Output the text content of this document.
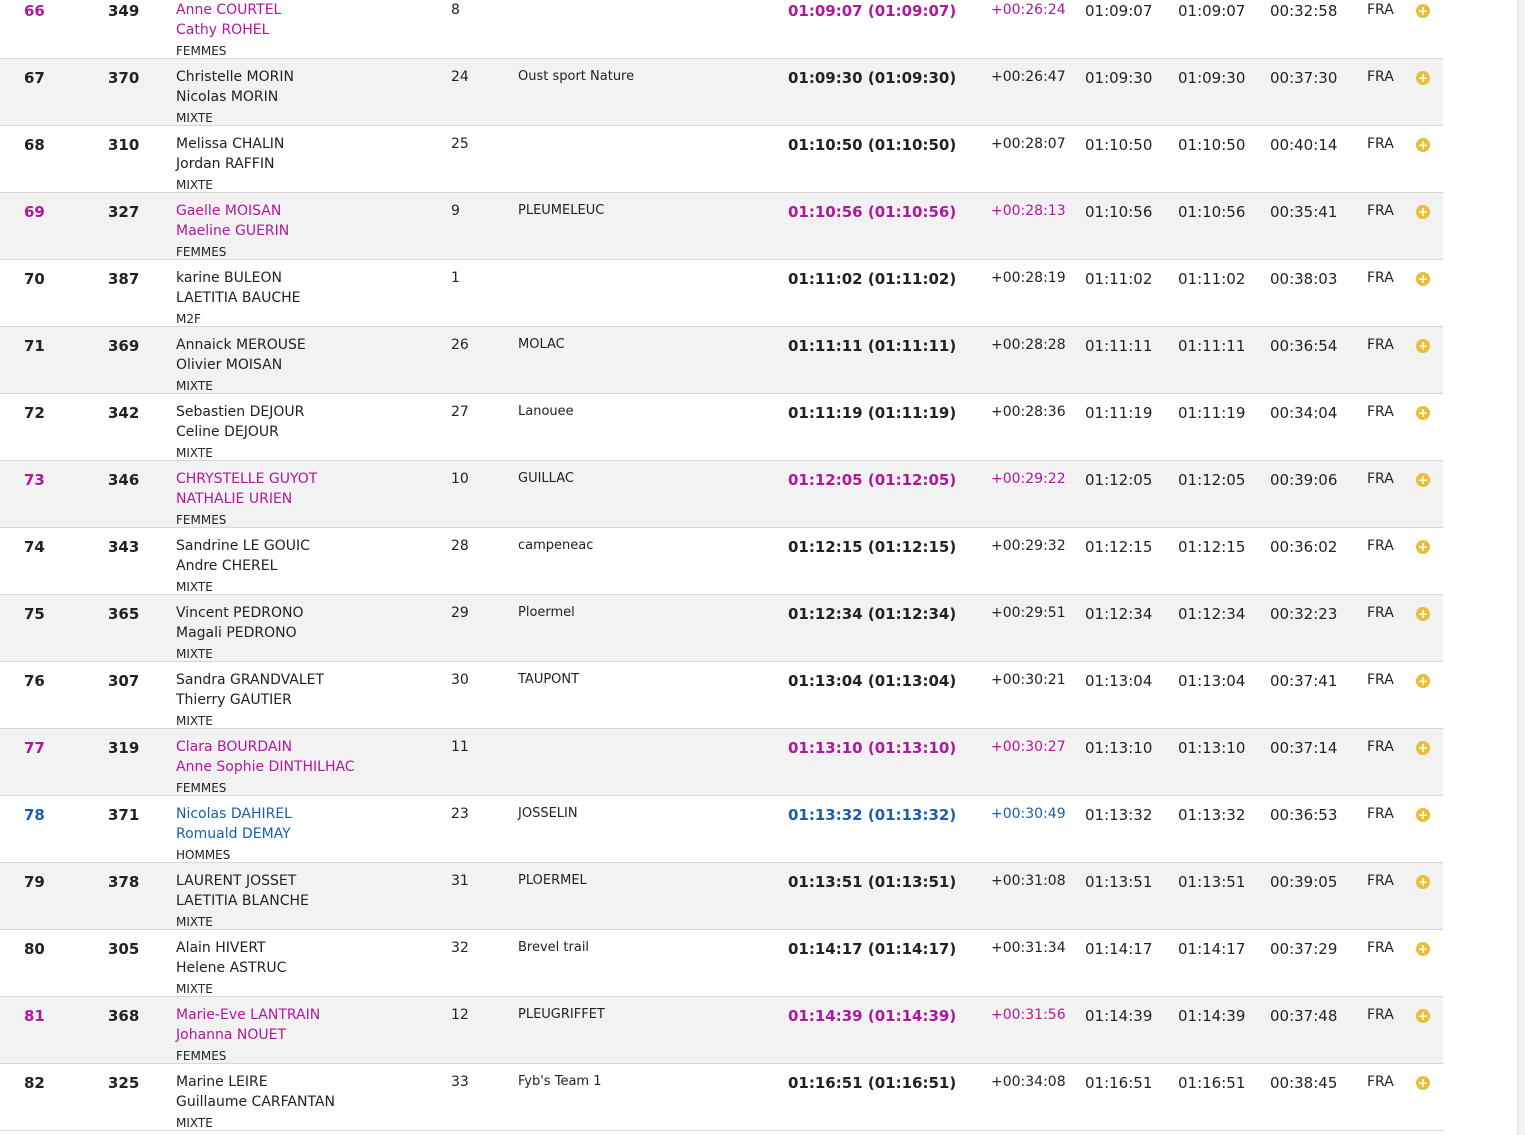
66	349	Anne COURTEL
Cathy ROHEL
FEMMES
8	01:09:07 (01:09:07) +00:26:24 01:09:07 01:09:07 00:32:58 FRA +
67	370	Christelle MORIN
Nicolas MORIN
MIXTE
24	Oust sport Nature	01:09:30 (01:09:30) +00:26:47 01:09:30 01:09:30 00:37:30 FRA +
68	310	Melissa CHALIN
Jordan RAFFIN
MIXTE
25	01:10:50 (01:10:50) +00:28:07 01:10:50 01:10:50 00:40:14 FRA +
69	327	Gaelle MOISAN
Maeline GUERIN
FEMMES
9	PLEUMELEUC	01:10:56 (01:10:56) +00:28:13 01:10:56 01:10:56 00:35:41 FRA +
70	387	karine BULEON
LAETITIA BAUCHE
M2F
1	01:11:02 (01:11:02) +00:28:19 01:11:02 01:11:02 00:38:03 FRA +
71	369	Annaick MEROUSE
Olivier MOISAN
MIXTE
26	MOLAC	01:11:11 (01:11:11) +00:28:28 01:11:11 01:11:11 00:36:54 FRA +
72	342	Sebastien DEJOUR
Celine DEJOUR
MIXTE
27	Lanouee	01:11:19 (01:11:19) +00:28:36 01:11:19 01:11:19 00:34:04 FRA +
73	346	CHRYSTELLE GUYOT
NATHALIE URIEN
FEMMES
10	GUILLAC	01:12:05 (01:12:05) +00:29:22 01:12:05 01:12:05 00:39:06 FRA +
74	343	Sandrine LE GOUIC
Andre CHEREL
MIXTE
28	campeneac	01:12:15 (01:12:15) +00:29:32 01:12:15 01:12:15 00:36:02 FRA +
75	365	Vincent PEDRONO
Magali PEDRONO
MIXTE
29	Ploermel	01:12:34 (01:12:34) +00:29:51 01:12:34 01:12:34 00:32:23 FRA +
76	307	Sandra GRANDVALET
Thierry GAUTIER
MIXTE
30	TAUPONT	01:13:04 (01:13:04) +00:30:21 01:13:04 01:13:04 00:37:41 FRA +
77	319	Clara BOURDAIN
Anne Sophie DINTHILHAC
FEMMES
11	01:13:10 (01:13:10) +00:30:27 01:13:10 01:13:10 00:37:14 FRA +
78	371	Nicolas DAHIREL
Romuald DEMAY
HOMMES
23	JOSSELIN	01:13:32 (01:13:32) +00:30:49 01:13:32 01:13:32 00:36:53 FRA +
79	378	LAURENT JOSSET
LAETITIA BLANCHE
MIXTE
31	PLOERMEL	01:13:51 (01:13:51) +00:31:08 01:13:51 01:13:51 00:39:05 FRA +
80	305	Alain HIVERT
Helene ASTRUC
MIXTE
32	Brevel trail	01:14:17 (01:14:17) +00:31:34 01:14:17 01:14:17 00:37:29 FRA +
81	368	Marie-Eve LANTRAIN
Johanna NOUET
FEMMES
12	PLEUGRIFFET	01:14:39 (01:14:39) +00:31:56 01:14:39 01:14:39 00:37:48 FRA +
82	325	Marine LEIRE
Guillaume CARFANTAN
MIXTE
33	Fyb's Team 1	01:16:51 (01:16:51) +00:34:08 01:16:51 01:16:51 00:38:45 FRA +
